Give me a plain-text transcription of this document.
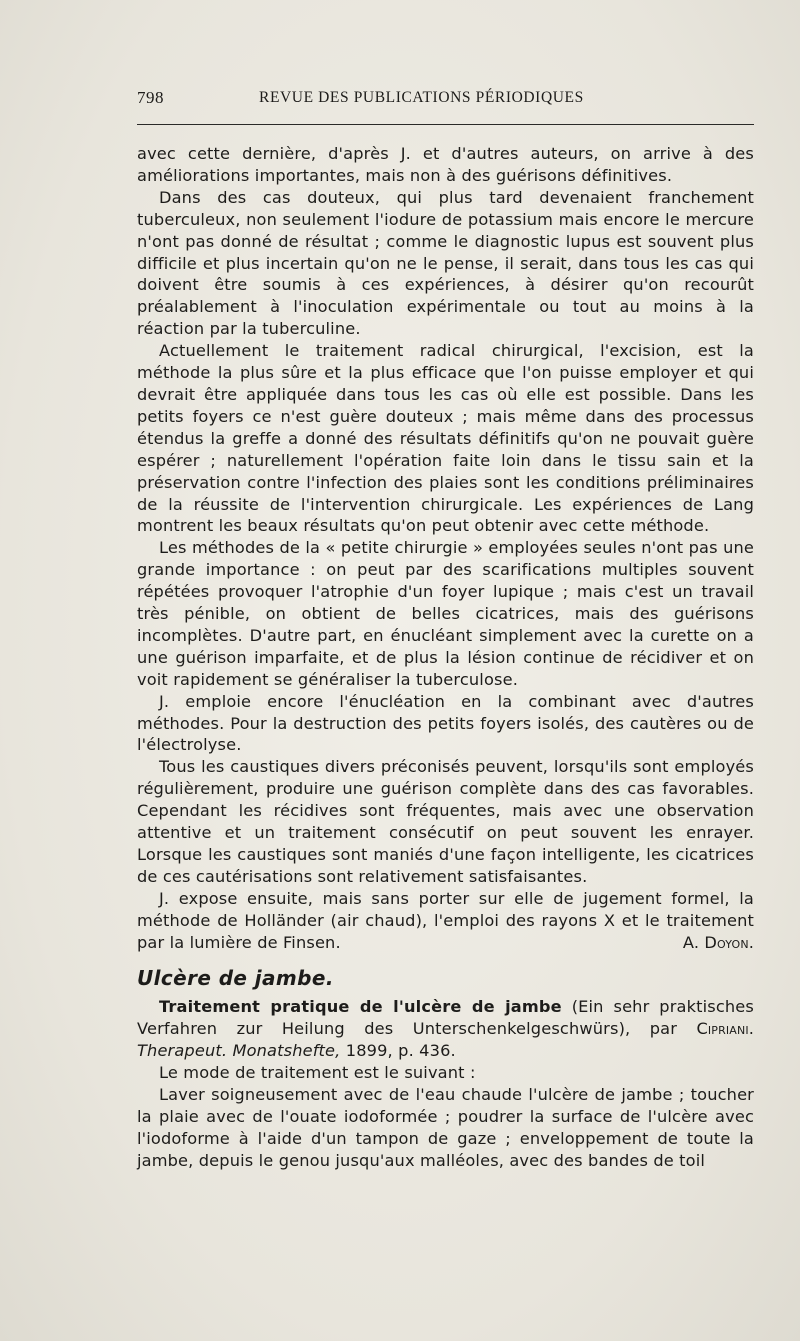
798	REVUE DES PUBLICATIONS PÉRIODIQUES

avec cette dernière, d'après J. et d'autres auteurs, on arrive à des améliorations importantes, mais non à des guérisons définitives.

Dans des cas douteux, qui plus tard devenaient franchement tuberculeux, non seulement l'iodure de potassium mais encore le mercure n'ont pas donné de résultat ; comme le diagnostic lupus est souvent plus difficile et plus incertain qu'on ne le pense, il serait, dans tous les cas qui doivent être soumis à ces expériences, à désirer qu'on recourût préalablement à l'inoculation expérimentale ou tout au moins à la réaction par la tuberculine.

Actuellement le traitement radical chirurgical, l'excision, est la méthode la plus sûre et la plus efficace que l'on puisse employer et qui devrait être appliquée dans tous les cas où elle est possible. Dans les petits foyers ce n'est guère douteux ; mais même dans des processus étendus la greffe a donné des résultats définitifs qu'on ne pouvait guère espérer ; naturellement l'opération faite loin dans le tissu sain et la préservation contre l'infection des plaies sont les conditions préliminaires de la réussite de l'intervention chirurgicale. Les expériences de Lang montrent les beaux résultats qu'on peut obtenir avec cette méthode.

Les méthodes de la « petite chirurgie » employées seules n'ont pas une grande importance : on peut par des scarifications multiples souvent répétées provoquer l'atrophie d'un foyer lupique ; mais c'est un travail très pénible, on obtient de belles cicatrices, mais des guérisons incomplètes. D'autre part, en énucléant simplement avec la curette on a une guérison imparfaite, et de plus la lésion continue de récidiver et on voit rapidement se généraliser la tuberculose.

J. emploie encore l'énucléation en la combinant avec d'autres méthodes. Pour la destruction des petits foyers isolés, des cautères ou de l'électrolyse.

Tous les caustiques divers préconisés peuvent, lorsqu'ils sont employés régulièrement, produire une guérison complète dans des cas favorables. Cependant les récidives sont fréquentes, mais avec une observation attentive et un traitement consécutif on peut souvent les enrayer. Lorsque les caustiques sont maniés d'une façon intelligente, les cicatrices de ces cautérisations sont relativement satisfaisantes.

J. expose ensuite, mais sans porter sur elle de jugement formel, la méthode de Holländer (air chaud), l'emploi des rayons X et le traitement par la lumière de Finsen.	A. Doyon.

Ulcère de jambe.

Traitement pratique de l'ulcère de jambe (Ein sehr praktisches Verfahren zur Heilung des Unterschenkelgeschwürs), par Cipriani. Therapeut. Monatshefte, 1899, p. 436.

Le mode de traitement est le suivant :

Laver soigneusement avec de l'eau chaude l'ulcère de jambe ; toucher la plaie avec de l'ouate iodoformée ; poudrer la surface de l'ulcère avec l'iodoforme à l'aide d'un tampon de gaze ; enveloppement de toute la jambe, depuis le genou jusqu'aux malléoles, avec des bandes de toil
